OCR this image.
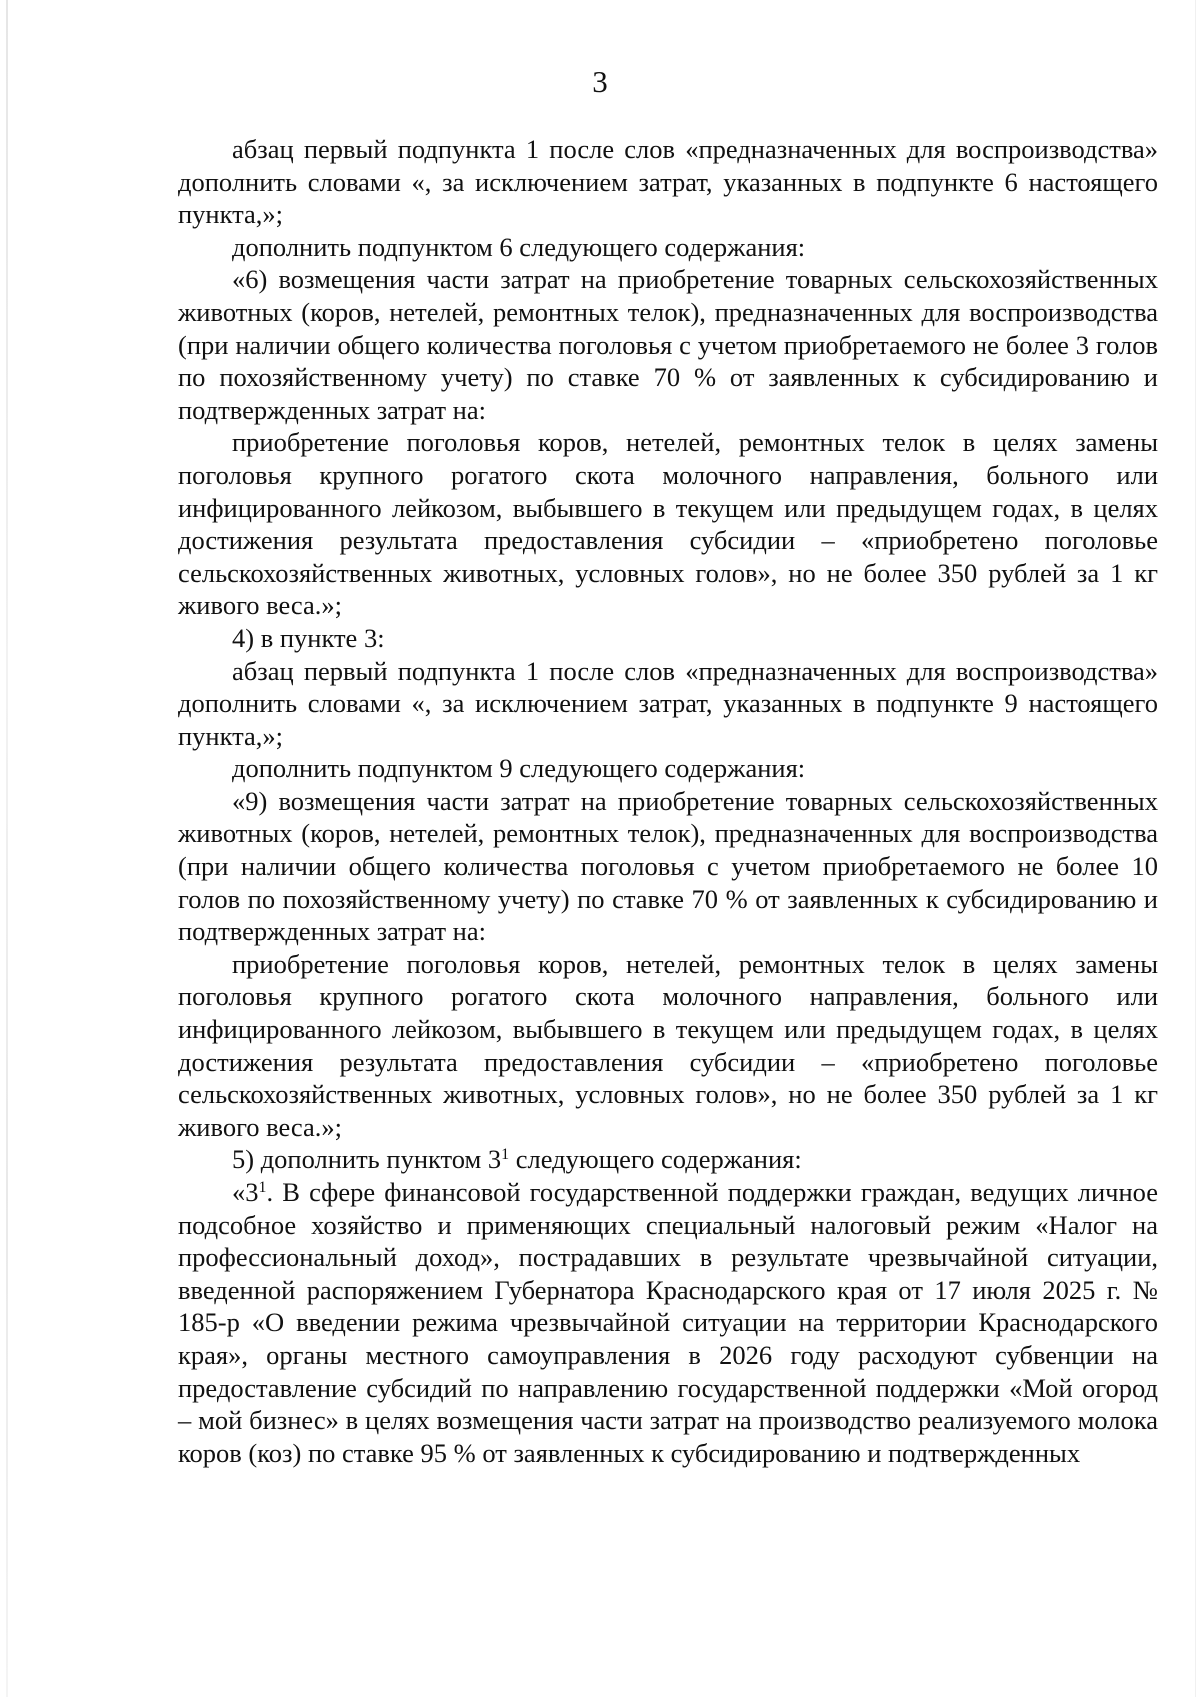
3

абзац первый подпункта 1 после слов «предназначенных для воспроизводства» дополнить словами «, за исключением затрат, указанных в подпункте 6 настоящего пункта,»;

дополнить подпунктом 6 следующего содержания:

«6) возмещения части затрат на приобретение товарных сельскохозяйственных животных (коров, нетелей, ремонтных телок), предназначенных для воспроизводства (при наличии общего количества поголовья с учетом приобретаемого не более 3 голов по похозяйственному учету) по ставке 70 % от заявленных к субсидированию и подтвержденных затрат на:

приобретение поголовья коров, нетелей, ремонтных телок в целях замены поголовья крупного рогатого скота молочного направления, больного или инфицированного лейкозом, выбывшего в текущем или предыдущем годах, в целях достижения результата предоставления субсидии – «приобретено поголовье сельскохозяйственных животных, условных голов», но не более 350 рублей за 1 кг живого веса.»;

4) в пункте 3:

абзац первый подпункта 1 после слов «предназначенных для воспроизводства» дополнить словами «, за исключением затрат, указанных в подпункте 9 настоящего пункта,»;

дополнить подпунктом 9 следующего содержания:

«9) возмещения части затрат на приобретение товарных сельскохозяйственных животных (коров, нетелей, ремонтных телок), предназначенных для воспроизводства (при наличии общего количества поголовья с учетом приобретаемого не более 10 голов по похозяйственному учету) по ставке 70 % от заявленных к субсидированию и подтвержденных затрат на:

приобретение поголовья коров, нетелей, ремонтных телок в целях замены поголовья крупного рогатого скота молочного направления, больного или инфицированного лейкозом, выбывшего в текущем или предыдущем годах, в целях достижения результата предоставления субсидии – «приобретено поголовье сельскохозяйственных животных, условных голов», но не более 350 рублей за 1 кг живого веса.»;

5) дополнить пунктом $3^1$ следующего содержания:

«$3^1$. В сфере финансовой государственной поддержки граждан, ведущих личное подсобное хозяйство и применяющих специальный налоговый режим «Налог на профессиональный доход», пострадавших в результате чрезвычайной ситуации, введенной распоряжением Губернатора Краснодарского края от 17 июля 2025 г. № 185-р «О введении режима чрезвычайной ситуации на территории Краснодарского края», органы местного самоуправления в 2026 году расходуют субвенции на предоставление субсидий по направлению государственной поддержки «Мой огород – мой бизнес» в целях возмещения части затрат на производство реализуемого молока коров (коз) по ставке 95 % от заявленных к субсидированию и подтвержденных
